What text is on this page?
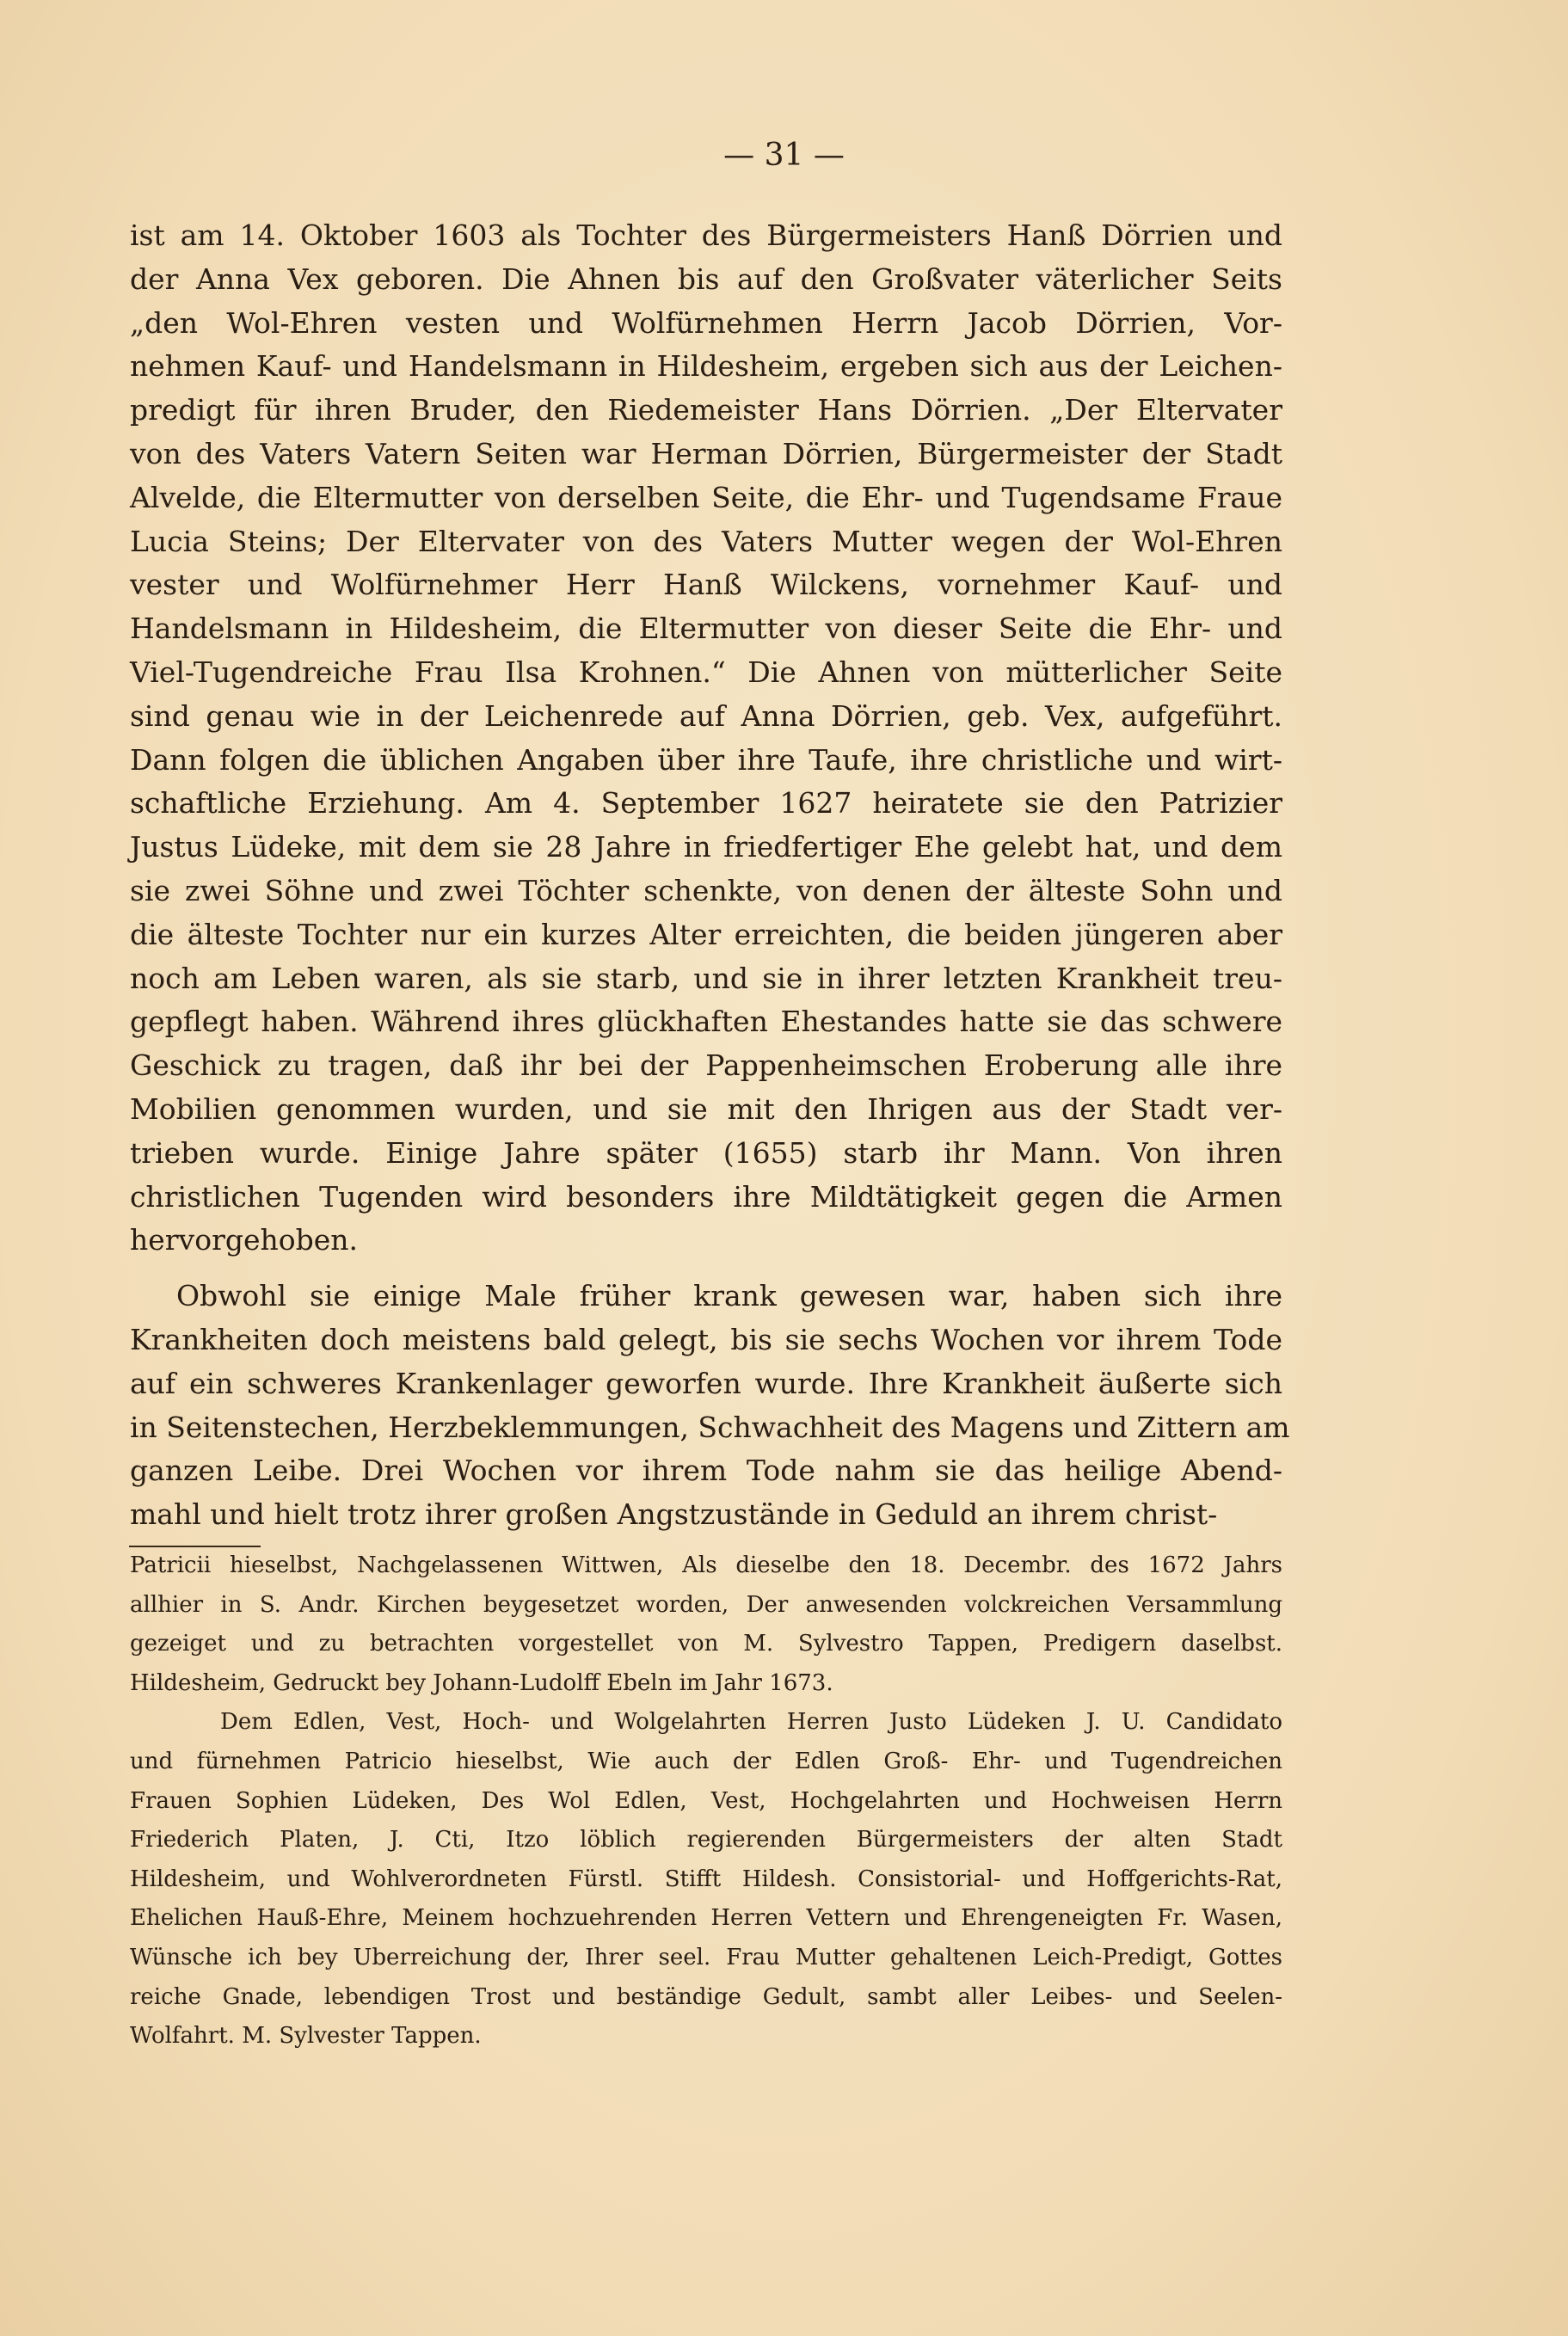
— 31 —
ist am 14. Oktober 1603 als Tochter des Bürgermeisters Hanß Dörrien und
der Anna Vex geboren. Die Ahnen bis auf den Großvater väterlicher Seits
„den Wol-Ehren vesten und Wolfürnehmen Herrn Jacob Dörrien, Vor-
nehmen Kauf- und Handelsmann in Hildesheim, ergeben sich aus der Leichen-
predigt für ihren Bruder, den Riedemeister Hans Dörrien. „Der Eltervater
von des Vaters Vatern Seiten war Herman Dörrien, Bürgermeister der Stadt
Alvelde, die Eltermutter von derselben Seite, die Ehr- und Tugendsame Fraue
Lucia Steins; Der Eltervater von des Vaters Mutter wegen der Wol-Ehren
vester und Wolfürnehmer Herr Hanß Wilckens, vornehmer Kauf- und
Handelsmann in Hildesheim, die Eltermutter von dieser Seite die Ehr- und
Viel-Tugendreiche Frau Ilsa Krohnen.“ Die Ahnen von mütterlicher Seite
sind genau wie in der Leichenrede auf Anna Dörrien, geb. Vex, aufgeführt.
Dann folgen die üblichen Angaben über ihre Taufe, ihre christliche und wirt-
schaftliche Erziehung. Am 4. September 1627 heiratete sie den Patrizier
Justus Lüdeke, mit dem sie 28 Jahre in friedfertiger Ehe gelebt hat, und dem
sie zwei Söhne und zwei Töchter schenkte, von denen der älteste Sohn und
die älteste Tochter nur ein kurzes Alter erreichten, die beiden jüngeren aber
noch am Leben waren, als sie starb, und sie in ihrer letzten Krankheit treu-
gepflegt haben. Während ihres glückhaften Ehestandes hatte sie das schwere
Geschick zu tragen, daß ihr bei der Pappenheimschen Eroberung alle ihre
Mobilien genommen wurden, und sie mit den Ihrigen aus der Stadt ver-
trieben wurde. Einige Jahre später (1655) starb ihr Mann. Von ihren
christlichen Tugenden wird besonders ihre Mildtätigkeit gegen die Armen
hervorgehoben.
Obwohl sie einige Male früher krank gewesen war, haben sich ihre
Krankheiten doch meistens bald gelegt, bis sie sechs Wochen vor ihrem Tode
auf ein schweres Krankenlager geworfen wurde. Ihre Krankheit äußerte sich
in Seitenstechen, Herzbeklemmungen, Schwachheit des Magens und Zittern am
ganzen Leibe. Drei Wochen vor ihrem Tode nahm sie das heilige Abend-
mahl und hielt trotz ihrer großen Angstzustände in Geduld an ihrem christ-
Patricii hieselbst, Nachgelassenen Wittwen, Als dieselbe den 18. Decembr. des 1672 Jahrs
allhier in S. Andr. Kirchen beygesetzet worden, Der anwesenden volckreichen Versammlung
gezeiget und zu betrachten vorgestellet von M. Sylvestro Tappen, Predigern daselbst.
Hildesheim, Gedruckt bey Johann-Ludolff Ebeln im Jahr 1673.
Dem Edlen, Vest, Hoch- und Wolgelahrten Herren Justo Lüdeken J. U. Candidato
und fürnehmen Patricio hieselbst, Wie auch der Edlen Groß- Ehr- und Tugendreichen
Frauen Sophien Lüdeken, Des Wol Edlen, Vest, Hochgelahrten und Hochweisen Herrn
Friederich Platen, J. Cti, Itzo löblich regierenden Bürgermeisters der alten Stadt
Hildesheim, und Wohlverordneten Fürstl. Stifft Hildesh. Consistorial- und Hoffgerichts-Rat,
Ehelichen Hauß-Ehre, Meinem hochzuehrenden Herren Vettern und Ehrengeneigten Fr. Wasen,
Wünsche ich bey Uberreichung der, Ihrer seel. Frau Mutter gehaltenen Leich-Predigt, Gottes
reiche Gnade, lebendigen Trost und beständige Gedult, sambt aller Leibes- und Seelen-
Wolfahrt. M. Sylvester Tappen.
